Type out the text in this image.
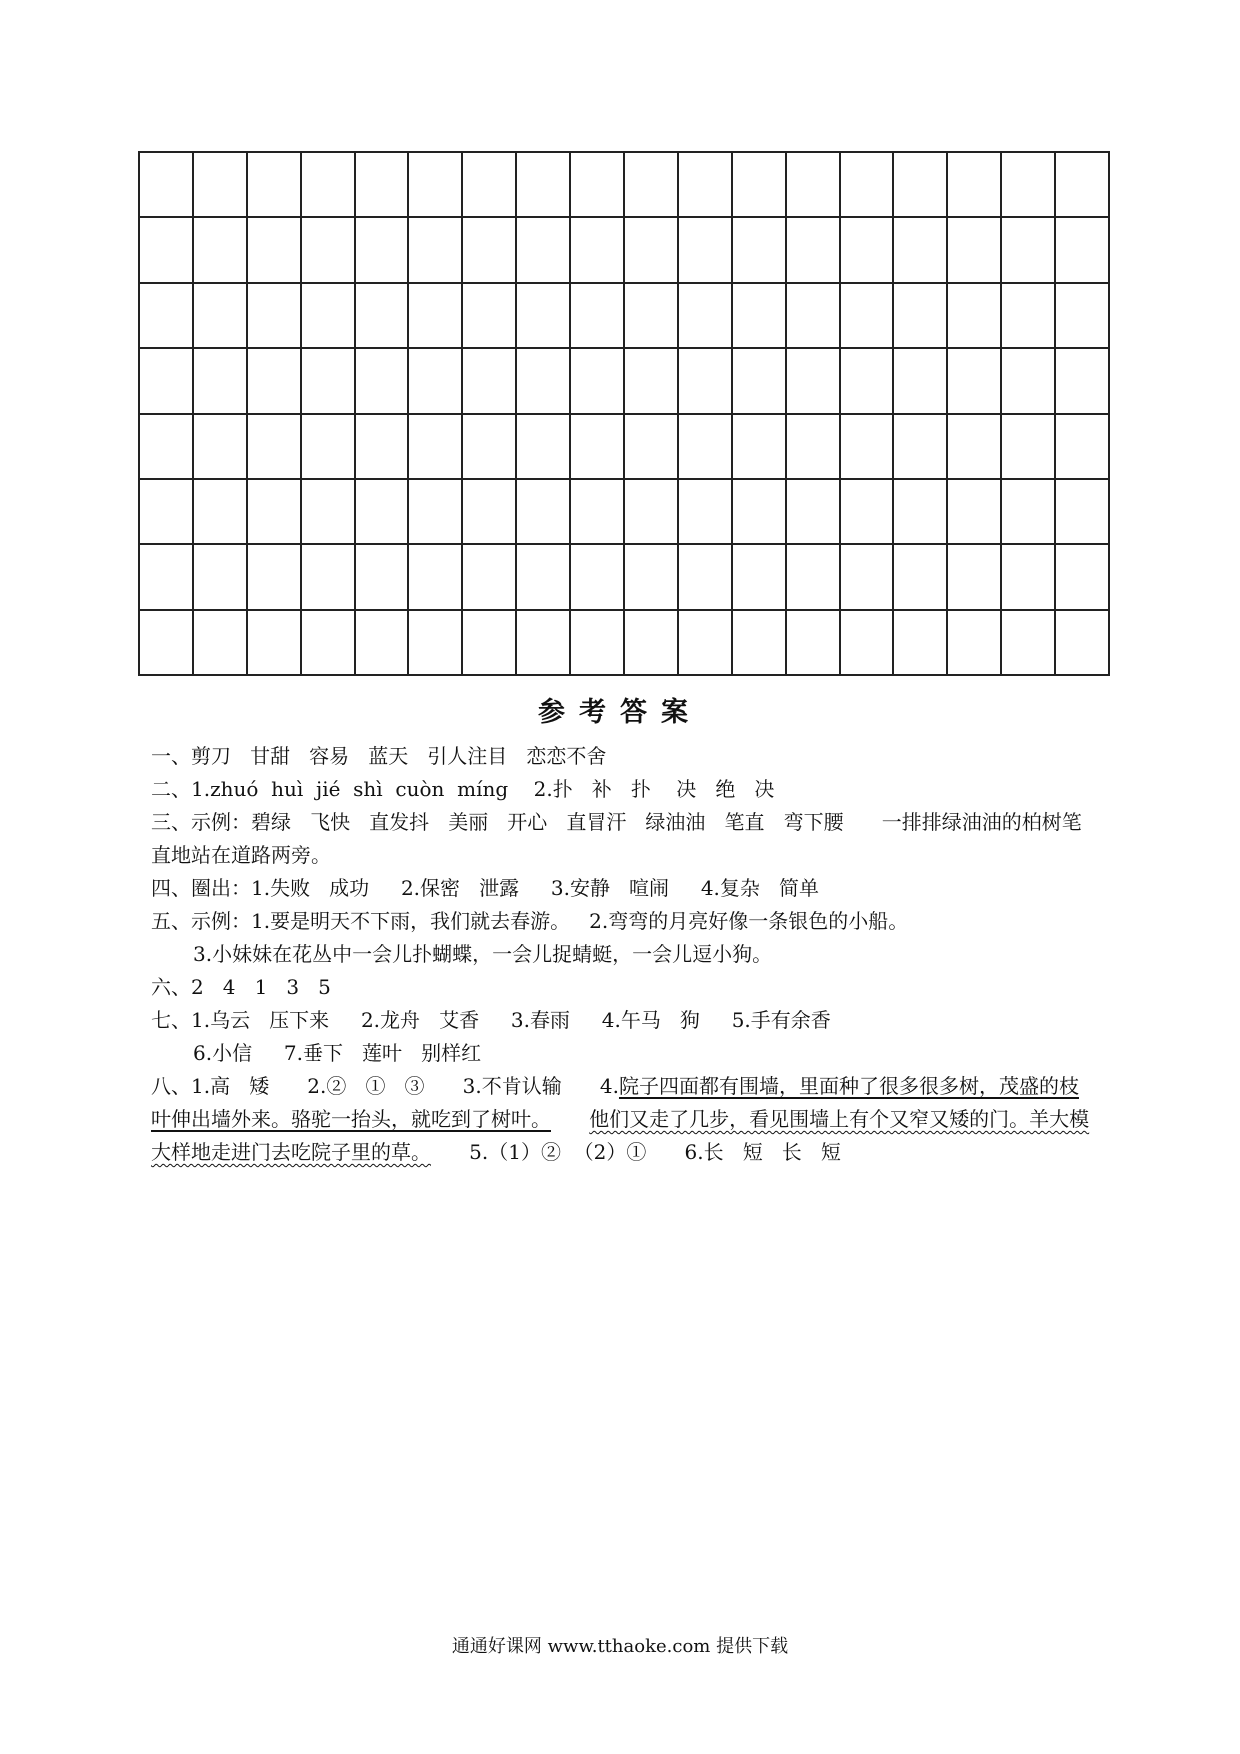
参考答案
一、剪刀   甘甜   容易   蓝天   引人注目   恋恋不舍
二、1.zhuó  huì  jié  shì  cuòn  míng    2.扑   补   扑    决   绝   决
三、示例：碧绿   飞快   直发抖   美丽   开心   直冒汗   绿油油   笔直   弯下腰      一排排绿油油的柏树笔直地站在道路两旁。
四、圈出：1.失败   成功     2.保密   泄露     3.安静   喧闹     4.复杂   简单
五、示例：1.要是明天不下雨，我们就去春游。   2.弯弯的月亮好像一条银色的小船。
3.小妹妹在花丛中一会儿扑蝴蝶，一会儿捉蜻蜓，一会儿逗小狗。
六、2   4   1   3   5
七、1.乌云   压下来     2.龙舟   艾香     3.春雨     4.午马   狗     5.手有余香
6.小信     7.垂下   莲叶   别样红
八、1.高   矮      2.②   ①   ③      3.不肯认输      4.院子四面都有围墙，里面种了很多很多树，茂盛的枝叶伸出墙外来。骆驼一抬头，就吃到了树叶。 他们又走了几步，看见围墙上有个又窄又矮的门。羊大模大样地走进门去吃院子里的草。      5.（1）②  （2）①      6.长   短   长   短
通通好课网 www.tthaoke.com 提供下载
